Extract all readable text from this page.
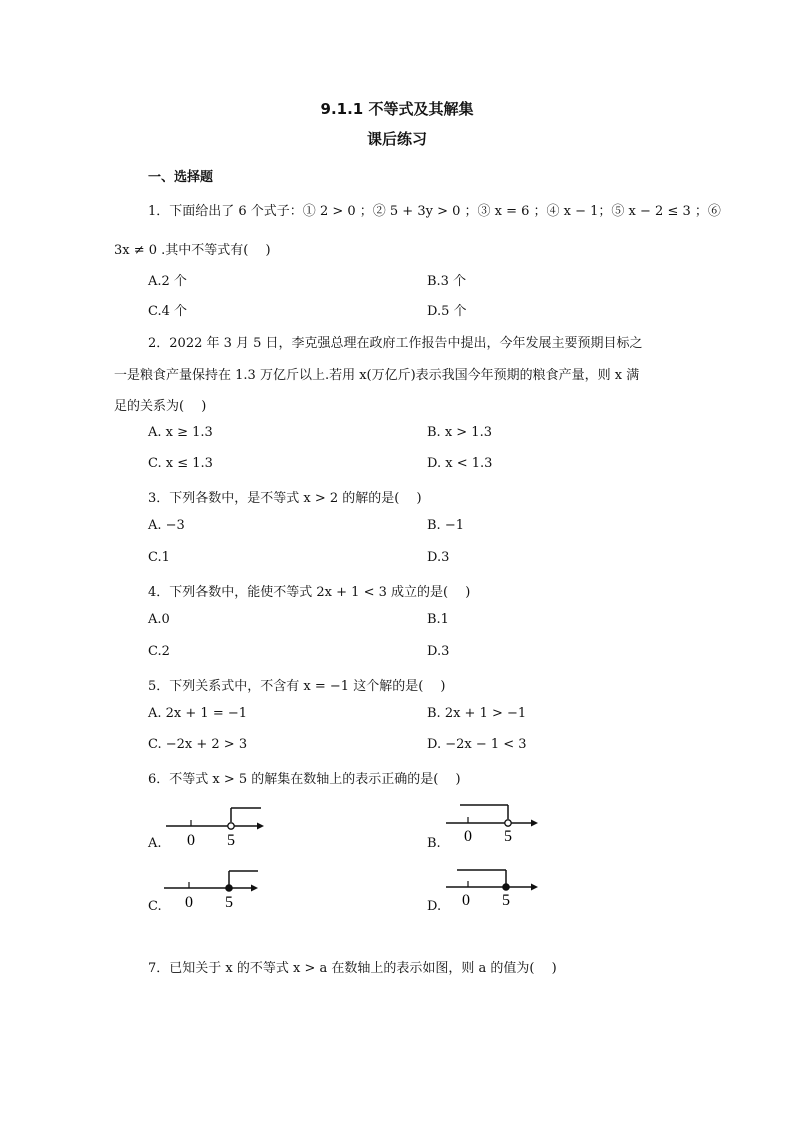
9.1.1 不等式及其解集
课后练习
一、选择题
1．下面给出了 6 个式子：① 2 > 0 ；② 5 + 3y > 0 ；③ x = 6 ；④ x − 1；⑤ x − 2 ≤ 3 ；⑥
3x ≠ 0 .其中不等式有(　 )
A.2 个	B.3 个
C.4 个	D.5 个
2．2022 年 3 月 5 日，李克强总理在政府工作报告中提出，今年发展主要预期目标之
一是粮食产量保持在 1.3 万亿斤以上.若用 x(万亿斤)表示我国今年预期的粮食产量，则 x 满
足的关系为(　 )
A. x ≥ 1.3	B. x > 1.3
C. x ≤ 1.3	D. x < 1.3
3．下列各数中，是不等式 x > 2 的解的是(　 )
A. −3	B. −1
C.1	D.3
4．下列各数中，能使不等式 2x + 1 < 3 成立的是(　 )
A.0	B.1
C.2	D.3
5．下列关系式中，不含有 x = −1 这个解的是(　 )
A. 2x + 1 = −1	B. 2x + 1 > −1
C. −2x + 2 > 3	D. −2x − 1 < 3
6．不等式 x > 5 的解集在数轴上的表示正确的是(　 )
A. 0 5	B. 0 5
C. 0 5	D. 0 5
7．已知关于 x 的不等式 x > a 在数轴上的表示如图，则 a 的值为(　 )
